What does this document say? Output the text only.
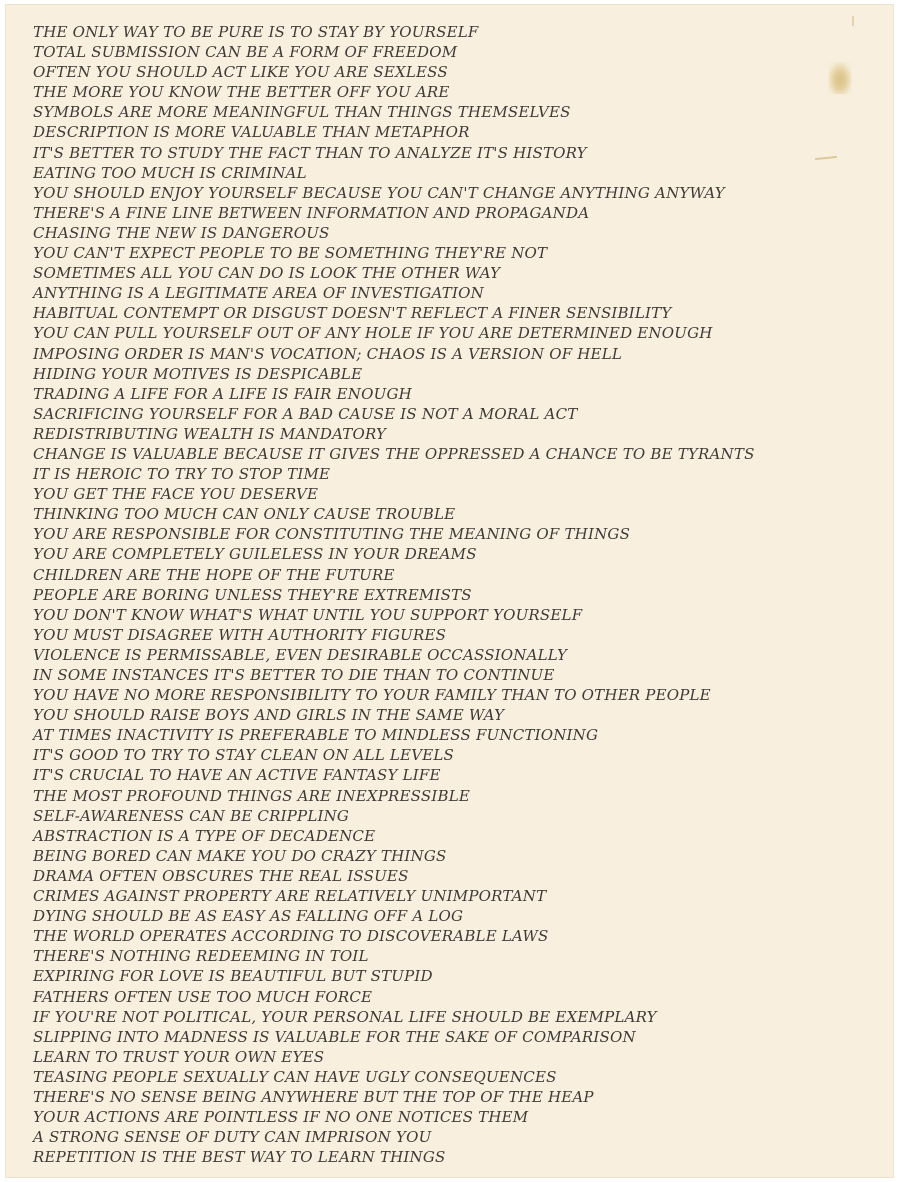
THE ONLY WAY TO BE PURE IS TO STAY BY YOURSELF
TOTAL SUBMISSION CAN BE A FORM OF FREEDOM
OFTEN YOU SHOULD ACT LIKE YOU ARE SEXLESS
THE MORE YOU KNOW THE BETTER OFF YOU ARE
SYMBOLS ARE MORE MEANINGFUL THAN THINGS THEMSELVES
DESCRIPTION IS MORE VALUABLE THAN METAPHOR
IT'S BETTER TO STUDY THE FACT THAN TO ANALYZE IT'S HISTORY
EATING TOO MUCH IS CRIMINAL
YOU SHOULD ENJOY YOURSELF BECAUSE YOU CAN'T CHANGE ANYTHING ANYWAY
THERE'S A FINE LINE BETWEEN INFORMATION AND PROPAGANDA
CHASING THE NEW IS DANGEROUS
YOU CAN'T EXPECT PEOPLE TO BE SOMETHING THEY'RE NOT
SOMETIMES ALL YOU CAN DO IS LOOK THE OTHER WAY
ANYTHING IS A LEGITIMATE AREA OF INVESTIGATION
HABITUAL CONTEMPT OR DISGUST DOESN'T REFLECT A FINER SENSIBILITY
YOU CAN PULL YOURSELF OUT OF ANY HOLE IF YOU ARE DETERMINED ENOUGH
IMPOSING ORDER IS MAN'S VOCATION; CHAOS IS A VERSION OF HELL
HIDING YOUR MOTIVES IS DESPICABLE
TRADING A LIFE FOR A LIFE IS FAIR ENOUGH
SACRIFICING YOURSELF FOR A BAD CAUSE IS NOT A MORAL ACT
REDISTRIBUTING WEALTH IS MANDATORY
CHANGE IS VALUABLE BECAUSE IT GIVES THE OPPRESSED A CHANCE TO BE TYRANTS
IT IS HEROIC TO TRY TO STOP TIME
YOU GET THE FACE YOU DESERVE
THINKING TOO MUCH CAN ONLY CAUSE TROUBLE
YOU ARE RESPONSIBLE FOR CONSTITUTING THE MEANING OF THINGS
YOU ARE COMPLETELY GUILELESS IN YOUR DREAMS
CHILDREN ARE THE HOPE OF THE FUTURE
PEOPLE ARE BORING UNLESS THEY'RE EXTREMISTS
YOU DON'T KNOW WHAT'S WHAT UNTIL YOU SUPPORT YOURSELF
YOU MUST DISAGREE WITH AUTHORITY FIGURES
VIOLENCE IS PERMISSABLE, EVEN DESIRABLE OCCASSIONALLY
IN SOME INSTANCES IT'S BETTER TO DIE THAN TO CONTINUE
YOU HAVE NO MORE RESPONSIBILITY TO YOUR FAMILY THAN TO OTHER PEOPLE
YOU SHOULD RAISE BOYS AND GIRLS IN THE SAME WAY
AT TIMES INACTIVITY IS PREFERABLE TO MINDLESS FUNCTIONING
IT'S GOOD TO TRY TO STAY CLEAN ON ALL LEVELS
IT'S CRUCIAL TO HAVE AN ACTIVE FANTASY LIFE
THE MOST PROFOUND THINGS ARE INEXPRESSIBLE
SELF-AWARENESS CAN BE CRIPPLING
ABSTRACTION IS A TYPE OF DECADENCE
BEING BORED CAN MAKE YOU DO CRAZY THINGS
DRAMA OFTEN OBSCURES THE REAL ISSUES
CRIMES AGAINST PROPERTY ARE RELATIVELY UNIMPORTANT
DYING SHOULD BE AS EASY AS FALLING OFF A LOG
THE WORLD OPERATES ACCORDING TO DISCOVERABLE LAWS
THERE'S NOTHING REDEEMING IN TOIL
EXPIRING FOR LOVE IS BEAUTIFUL BUT STUPID
FATHERS OFTEN USE TOO MUCH FORCE
IF YOU'RE NOT POLITICAL, YOUR PERSONAL LIFE SHOULD BE EXEMPLARY
SLIPPING INTO MADNESS IS VALUABLE FOR THE SAKE OF COMPARISON
LEARN TO TRUST YOUR OWN EYES
TEASING PEOPLE SEXUALLY CAN HAVE UGLY CONSEQUENCES
THERE'S NO SENSE BEING ANYWHERE BUT THE TOP OF THE HEAP
YOUR ACTIONS ARE POINTLESS IF NO ONE NOTICES THEM
A STRONG SENSE OF DUTY CAN IMPRISON YOU
REPETITION IS THE BEST WAY TO LEARN THINGS
